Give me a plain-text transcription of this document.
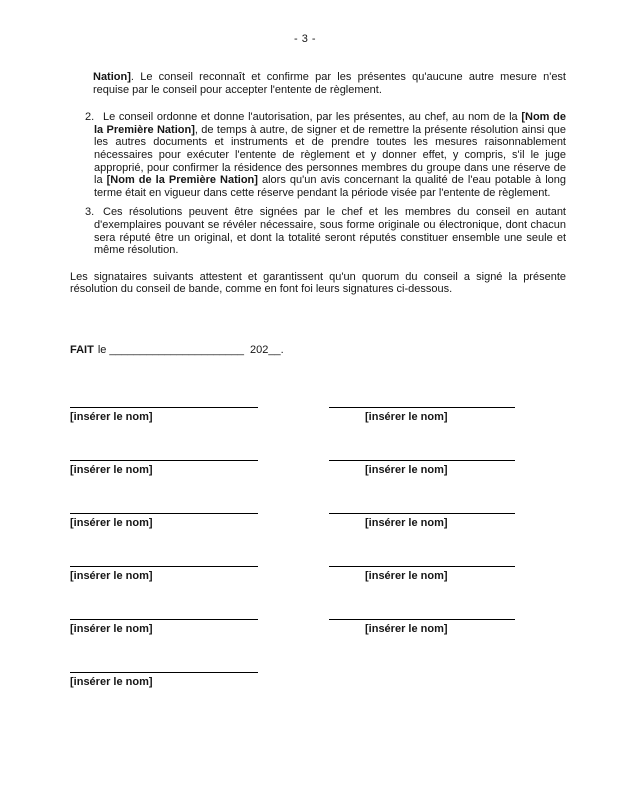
- 3 -

Nation]. Le conseil reconnaît et confirme par les présentes qu'aucune autre mesure n'est requise par le conseil pour accepter l'entente de règlement.

2. Le conseil ordonne et donne l'autorisation, par les présentes, au chef, au nom de la [Nom de la Première Nation], de temps à autre, de signer et de remettre la présente résolution ainsi que les autres documents et instruments et de prendre toutes les mesures raisonnablement nécessaires pour exécuter l'entente de règlement et y donner effet, y compris, s'il le juge approprié, pour confirmer la résidence des personnes membres du groupe dans une réserve de la [Nom de la Première Nation] alors qu'un avis concernant la qualité de l'eau potable à long terme était en vigueur dans cette réserve pendant la période visée par l'entente de règlement.

3. Ces résolutions peuvent être signées par le chef et les membres du conseil en autant d'exemplaires pouvant se révéler nécessaire, sous forme originale ou électronique, dont chacun sera réputé être un original, et dont la totalité seront réputés constituer ensemble une seule et même résolution.

Les signataires suivants attestent et garantissent qu'un quorum du conseil a signé la présente résolution du conseil de bande, comme en font foi leurs signatures ci-dessous.

FAIT le ______________________ 202__.
[insérer le nom]	[insérer le nom]
[insérer le nom]	[insérer le nom]
[insérer le nom]	[insérer le nom]
[insérer le nom]	[insérer le nom]
[insérer le nom]	[insérer le nom]
[insérer le nom]
